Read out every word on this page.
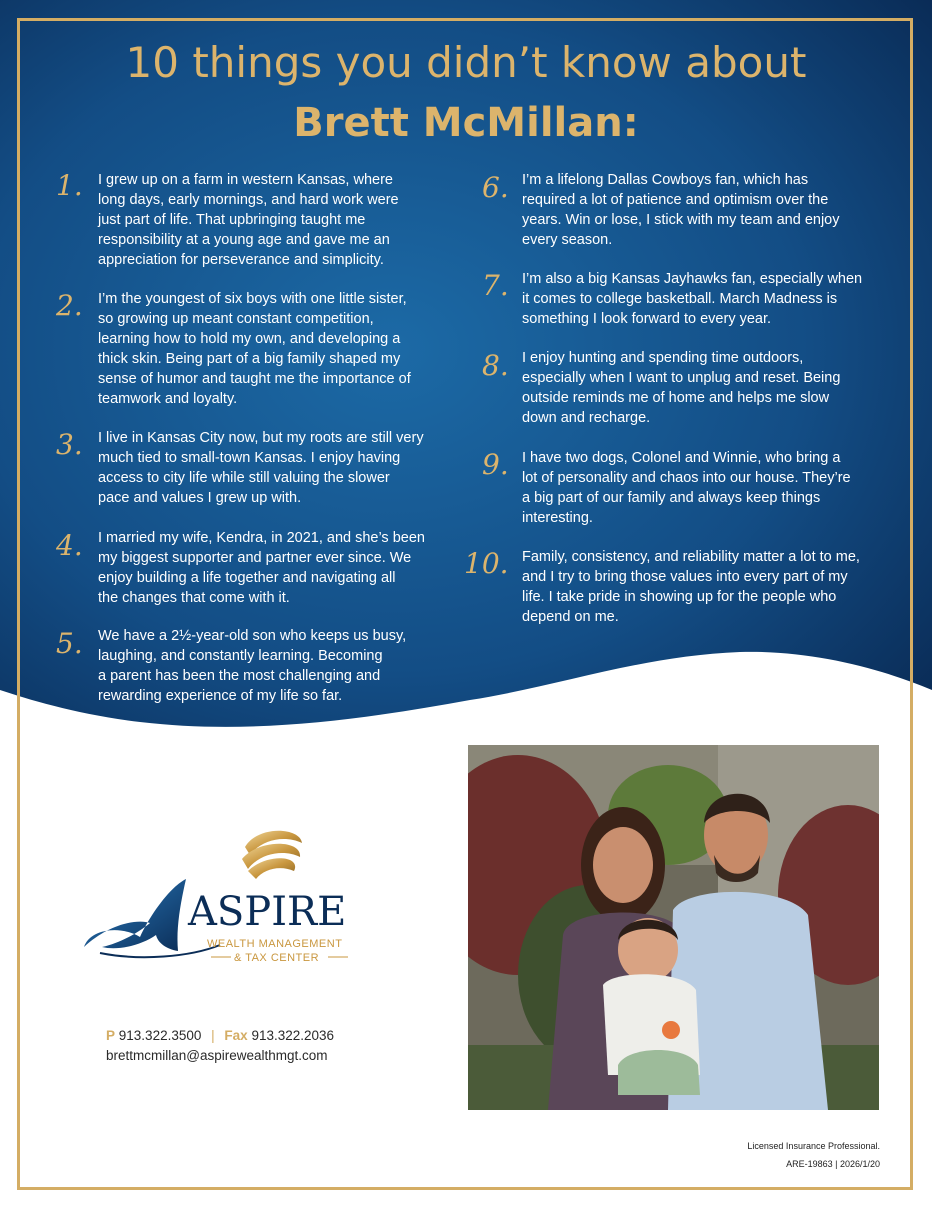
10 things you didn’t know about
Brett McMillan:
1. I grew up on a farm in western Kansas, where
long days, early mornings, and hard work were
just part of life. That upbringing taught me
responsibility at a young age and gave me an
appreciation for perseverance and simplicity.
2. I’m the youngest of six boys with one little sister,
so growing up meant constant competition,
learning how to hold my own, and developing a
thick skin. Being part of a big family shaped my
sense of humor and taught me the importance of
teamwork and loyalty.
3. I live in Kansas City now, but my roots are still very
much tied to small-town Kansas. I enjoy having
access to city life while still valuing the slower
pace and values I grew up with.
4. I married my wife, Kendra, in 2021, and she’s been
my biggest supporter and partner ever since. We
enjoy building a life together and navigating all
the changes that come with it.
5. We have a 2½-year-old son who keeps us busy,
laughing, and constantly learning. Becoming
a parent has been the most challenging and
rewarding experience of my life so far.
6. I’m a lifelong Dallas Cowboys fan, which has
required a lot of patience and optimism over the
years. Win or lose, I stick with my team and enjoy
every season.
7. I’m also a big Kansas Jayhawks fan, especially when
it comes to college basketball. March Madness is
something I look forward to every year.
8. I enjoy hunting and spending time outdoors,
especially when I want to unplug and reset. Being
outside reminds me of home and helps me slow
down and recharge.
9. I have two dogs, Colonel and Winnie, who bring a
lot of personality and chaos into our house. They’re
a big part of our family and always keep things
interesting.
10. Family, consistency, and reliability matter a lot to me,
and I try to bring those values into every part of my
life. I take pride in showing up for the people who
depend on me.
ASPIRE
WEALTH MANAGEMENT
& TAX CENTER
P 913.322.3500 | Fax 913.322.2036
brettmcmillan@aspirewealthmgt.com
Licensed Insurance Professional.
ARE-19863 | 2026/1/20
